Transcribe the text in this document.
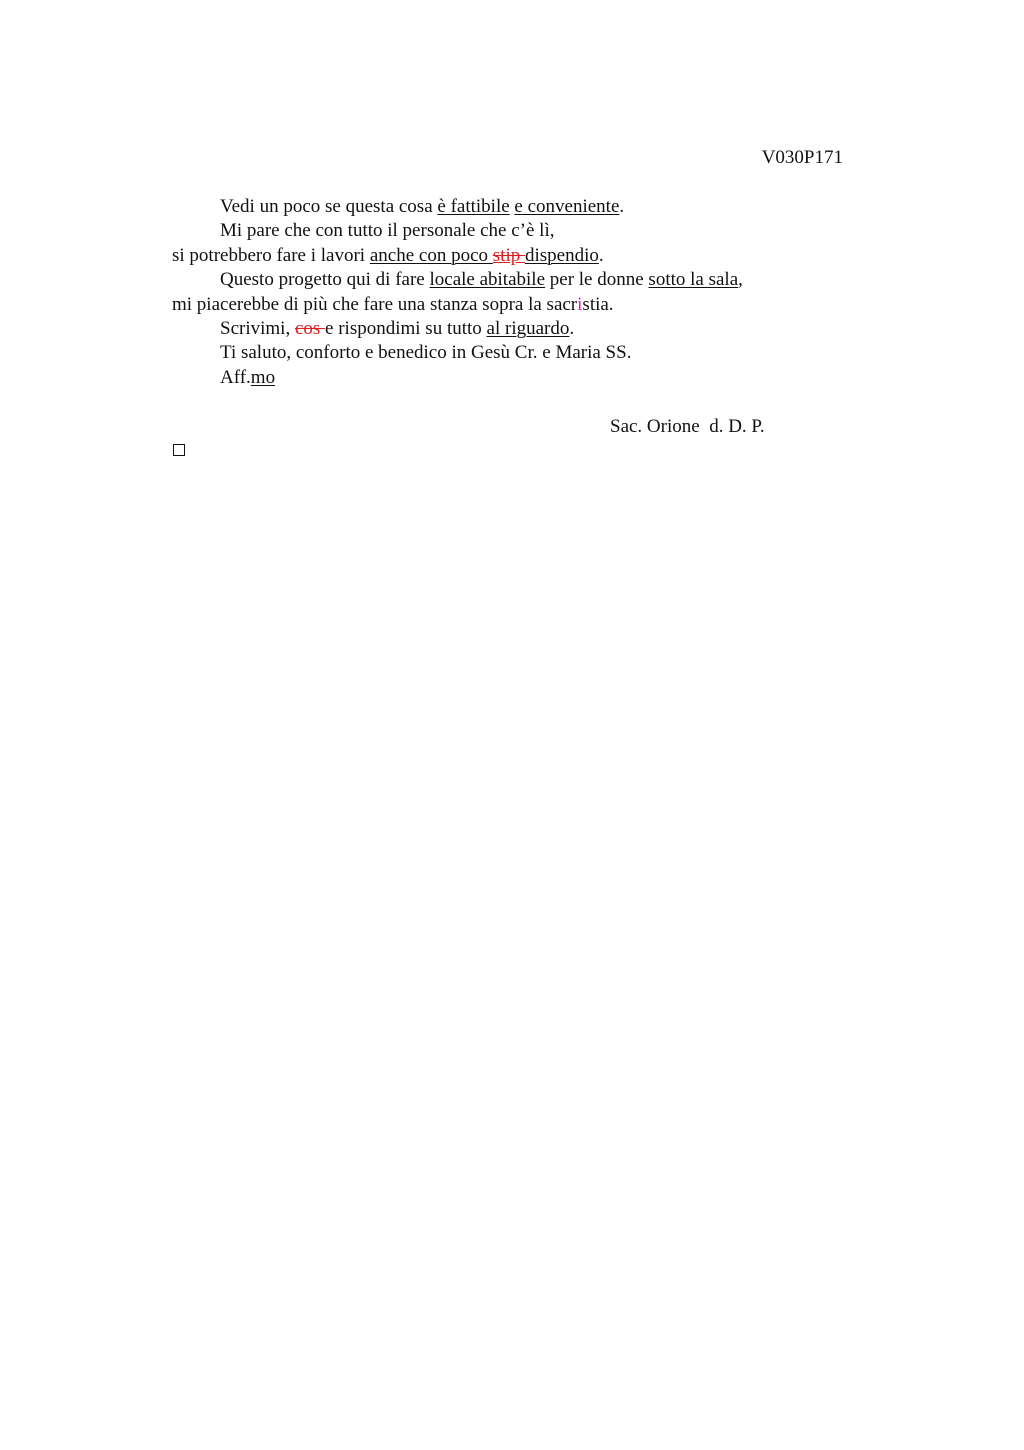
V030P171
Vedi un poco se questa cosa è fattibile e conveniente.
Mi pare che con tutto il personale che c’è lì,
si potrebbero fare i lavori anche con poco stip dispendio.
Questo progetto qui di fare locale abitabile per le donne sotto la sala,
mi piacerebbe di più che fare una stanza sopra la sacristia.
Scrivimi, cos e rispondimi su tutto al riguardo.
Ti saluto, conforto e benedico in Gesù Cr. e Maria SS.
Aff.mo
Sac. Orione  d. D. P.
